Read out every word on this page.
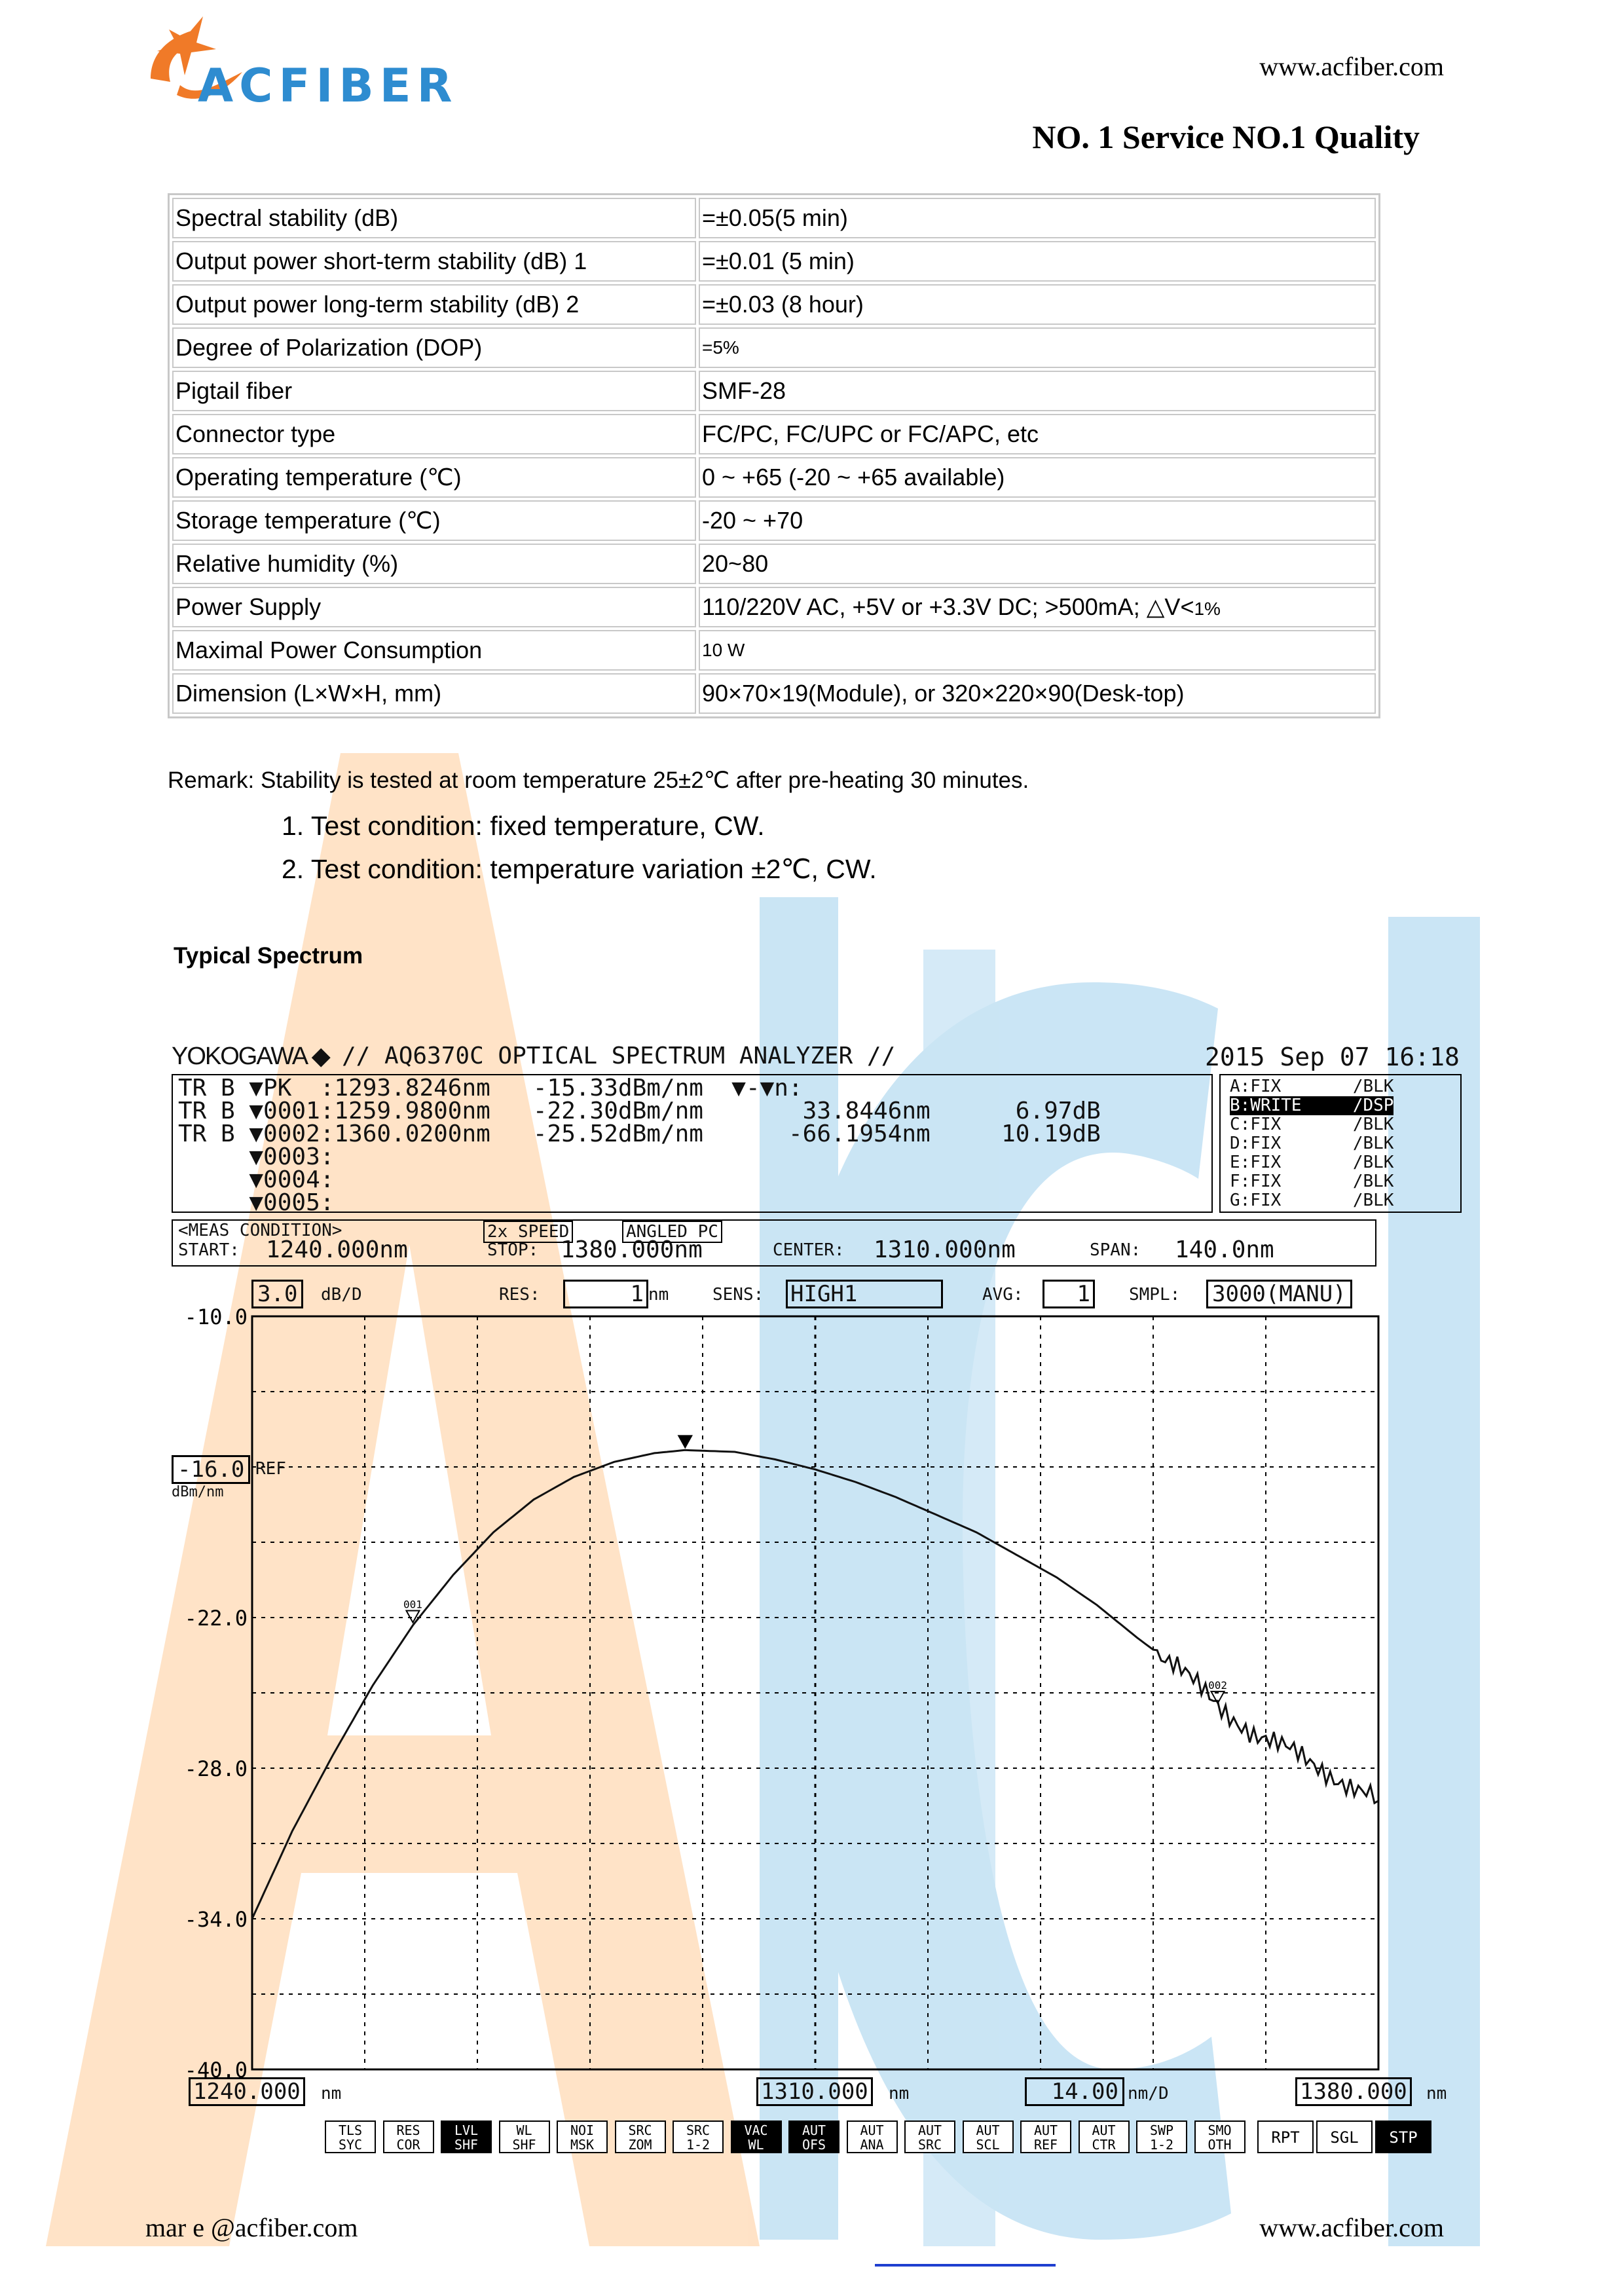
ACFIBER	www.acfiber.com
NO. 1 Service NO.1 Quality
Spectral stability (dB)	=±0.05(5 min)
Output power short-term stability (dB) 1	=±0.01 (5 min)
Output power long-term stability (dB) 2	=±0.03 (8 hour)
Degree of Polarization (DOP)	=5%
Pigtail fiber	SMF-28
Connector type	FC/PC, FC/UPC or FC/APC, etc
Operating temperature (℃)	0 ~ +65 (-20 ~ +65 available)
Storage temperature (℃)	-20 ~ +70
Relative humidity (%)	20~80
Power Supply	110/220V AC, +5V or +3.3V DC; >500mA; △V<1%
Maximal Power Consumption	10 W
Dimension (L×W×H, mm)	90×70×19(Module), or 320×220×90(Desk-top)
Remark: Stability is tested at room temperature 25±2℃ after pre-heating 30 minutes.
1. Test condition: fixed temperature, CW.
2. Test condition: temperature variation ±2℃, CW.
Typical Spectrum
YOKOGAWA ◆ // AQ6370C OPTICAL SPECTRUM ANALYZER //	2015 Sep 07 16:18
TR B ▼PK  :1293.8246nm   -15.33dBm/nm  ▼-▼n:
TR B ▼0001:1259.9800nm   -22.30dBm/nm       33.8446nm      6.97dB
TR B ▼0002:1360.0200nm   -25.52dBm/nm      -66.1954nm     10.19dB
▼0003:
▼0004:
▼0005:
A:FIX       /BLK
B:WRITE     /DSP
C:FIX       /BLK
D:FIX       /BLK
E:FIX       /BLK
F:FIX       /BLK
G:FIX       /BLK
<MEAS CONDITION>	2x SPEED	ANGLED PC
START: 1240.000nm	STOP: 1380.000nm	CENTER: 1310.000nm	SPAN: 140.0nm
3.0	dB/D	RES:	1 nm	SENS: HIGH1	AVG:	1 SMPL: 3000(MANU)
-16.0 REF
dBm/nm
-10.0
-22.0
-28.0
-34.0
-40.0
001
002
1240.000 nm	1310.000 nm	14.00 nm/D	1380.000 nm
TLS
SYC
RES
COR
LVL
SHF
WL
SHF
NOI
MSK
SRC
ZOM
SRC
1-2
VAC
WL
AUT
OFS
AUT
ANA
AUT
SRC
AUT
SCL
AUT
REF
AUT
CTR
SWP
1-2
SMO
OTH	RPT	SGL	STP
mar e @acfiber.com	www.acfiber.com
